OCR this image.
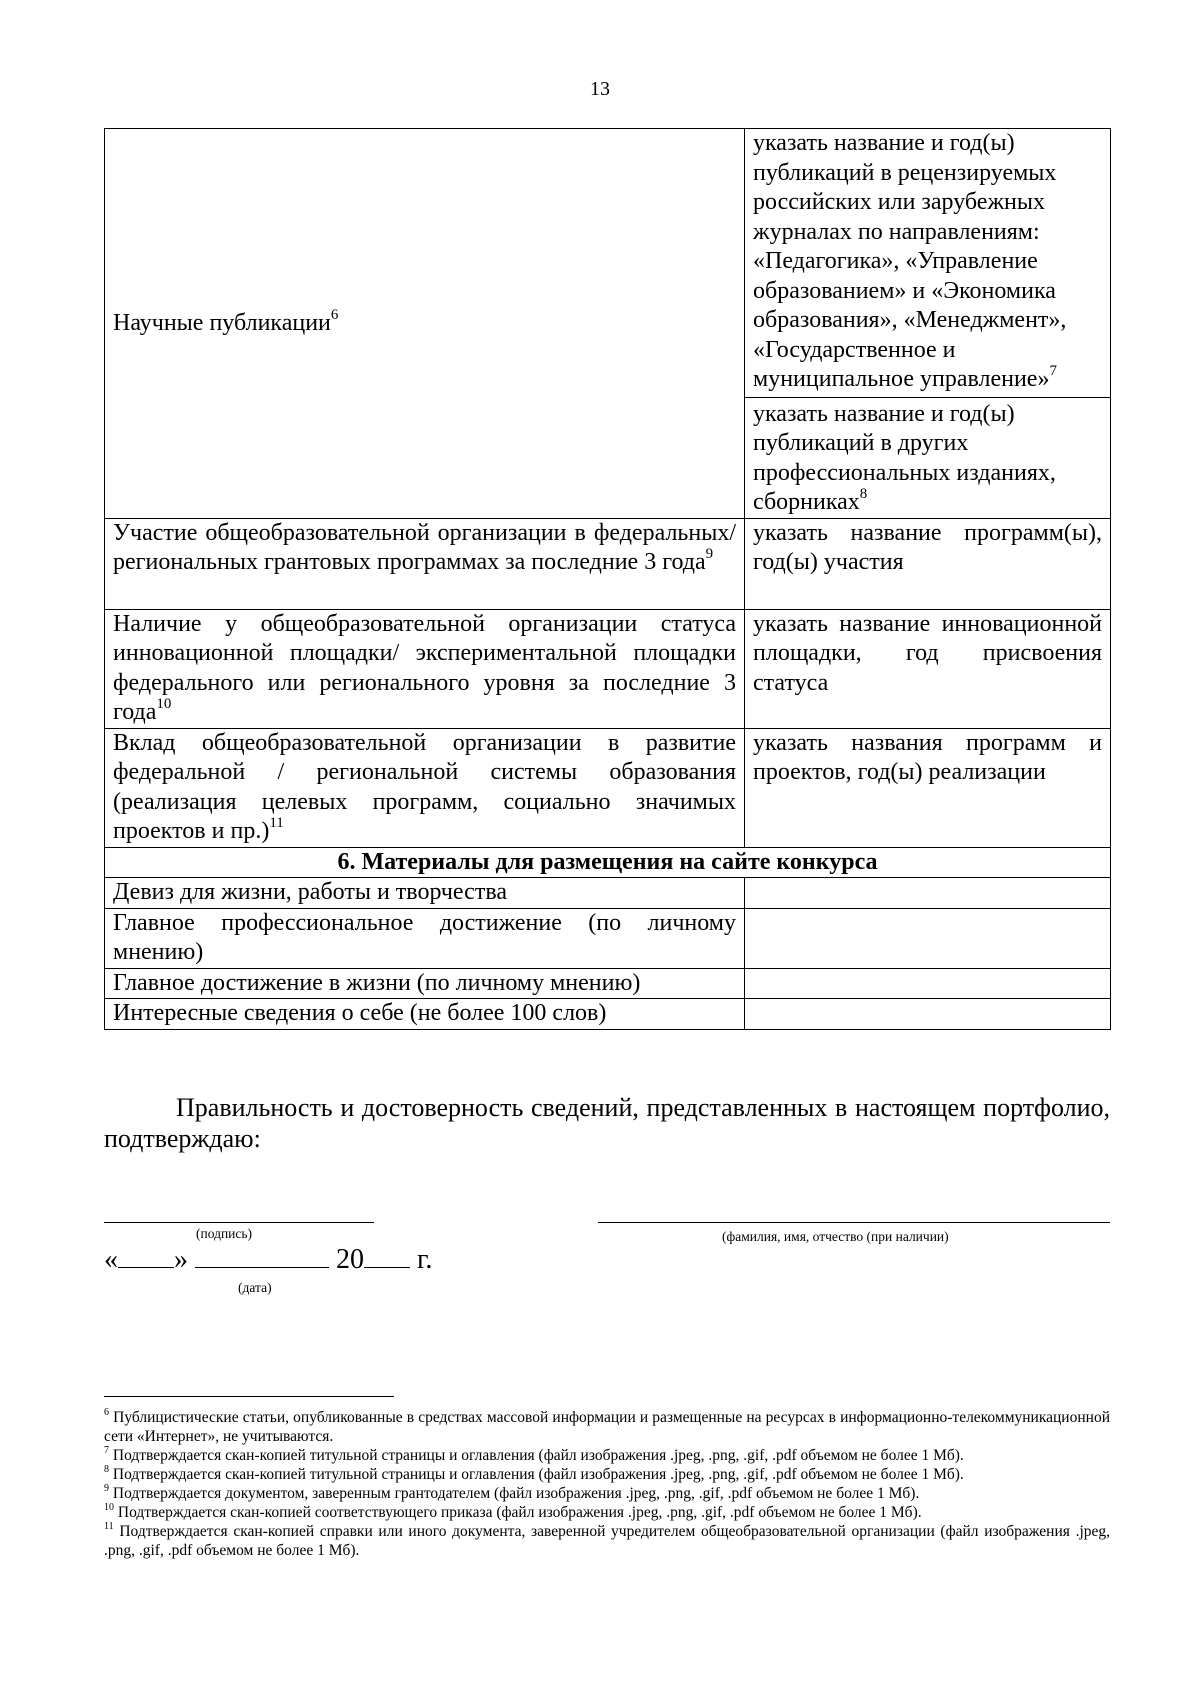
13
Научные публикации$^6$	указать название и год(ы) публикаций в рецензируемых российских или зарубежных журналах по направлениям: «Педагогика», «Управление образованием» и «Экономика образования», «Менеджмент», «Государственное и муниципальное управление»$^7$
указать название и год(ы) публикаций в других профессиональных изданиях, сборниках$^8$

Участие общеобразовательной организации в федеральных/ региональных грантовых программах за последние 3 года$^9$	указать название программ(ы), год(ы) участия
Наличие у общеобразовательной организации статуса инновационной площадки/ экспериментальной площадки федерального или регионального уровня за последние 3 года$^{10}$	указать название инновационной площадки, год присвоения статуса
Вклад общеобразовательной организации в развитие федеральной / региональной системы образования (реализация целевых программ, социально значимых проектов и пр.)$^{11}$	указать названия программ и проектов, год(ы) реализации
6. Материалы для размещения на сайте конкурса	
Девиз для жизни, работы и творчества	
Главное профессиональное достижение (по личному мнению)	
Главное достижение в жизни (по личному мнению)	
Интересные сведения о себе (не более 100 слов)	
Правильность и достоверность сведений, представленных в настоящем портфолио, подтверждаю:
(подпись)	(фамилия, имя, отчество (при наличии)
« »	20 г.
(дата)

$^6$ Публицистические статьи, опубликованные в средствах массовой информации и размещенные на ресурсах в информационно-телекоммуникационной сети «Интернет», не учитываются.

$^7$ Подтверждается скан-копией титульной страницы и оглавления (файл изображения .jpeg, .png, .gif, .pdf объемом не более 1 Мб).

$^8$ Подтверждается скан-копией титульной страницы и оглавления (файл изображения .jpeg, .png, .gif, .pdf объемом не более 1 Мб).

$^9$ Подтверждается документом, заверенным грантодателем (файл изображения .jpeg, .png, .gif, .pdf объемом не более 1 Мб).

$^{10}$ Подтверждается скан-копией соответствующего приказа (файл изображения .jpeg, .png, .gif, .pdf объемом не более 1 Мб).

$^{11}$ Подтверждается скан-копией справки или иного документа, заверенной учредителем общеобразовательной организации (файл изображения .jpeg, .png, .gif, .pdf объемом не более 1 Мб).
